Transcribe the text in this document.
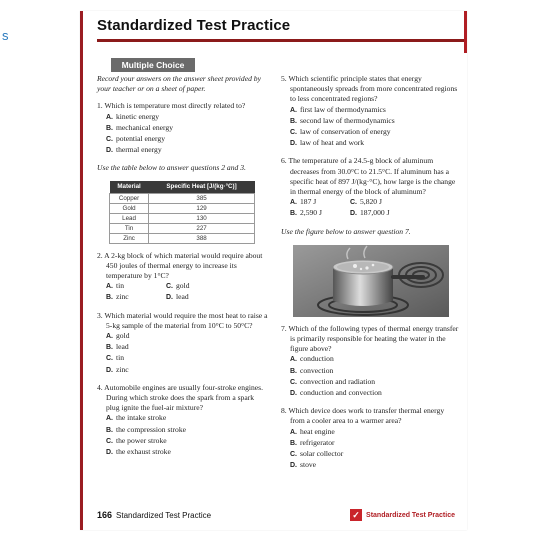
s
Standardized Test Practice
Multiple Choice
Record your answers on the answer sheet provided by your teacher or on a sheet of paper.
1. Which is temperature most directly related to?
A. kinetic energy
B. mechanical energy
C. potential energy
D. thermal energy
Use the table below to answer questions 2 and 3.
Material	Specific Heat [J/(kg·°C)]
Copper	385
Gold	129
Lead	130
Tin	227
Zinc	388
2. A 2-kg block of which material would require about 450 joules of thermal energy to increase its temperature by 1°C?
A. tin	C. gold
B. zinc	D. lead
3. Which material would require the most heat to raise a 5-kg sample of the material from 10°C to 50°C?
A. gold
B. lead
C. tin
D. zinc
4. Automobile engines are usually four-stroke engines. During which stroke does the spark from a spark plug ignite the fuel-air mixture?
A. the intake stroke
B. the compression stroke
C. the power stroke
D. the exhaust stroke
5. Which scientific principle states that energy spontaneously spreads from more concentrated regions to less concentrated regions?
A. first law of thermodynamics
B. second law of thermodynamics
C. law of conservation of energy
D. law of heat and work
6. The temperature of a 24.5-g block of aluminum decreases from 30.0°C to 21.5°C. If aluminum has a specific heat of 897 J/(kg·°C), how large is the change in thermal energy of the block of aluminum?
A. 187 J	C. 5,820 J
B. 2,590 J	D. 187,000 J
Use the figure below to answer question 7.
7. Which of the following types of thermal energy transfer is primarily responsible for heating the water in the figure above?
A. conduction
B. convection
C. convection and radiation
D. conduction and convection
8. Which device does work to transfer thermal energy from a cooler area to a warmer area?
A. heat engine
B. refrigerator
C. solar collector
D. stove
166 Standardized Test Practice	✓ Standardized Test Practice
